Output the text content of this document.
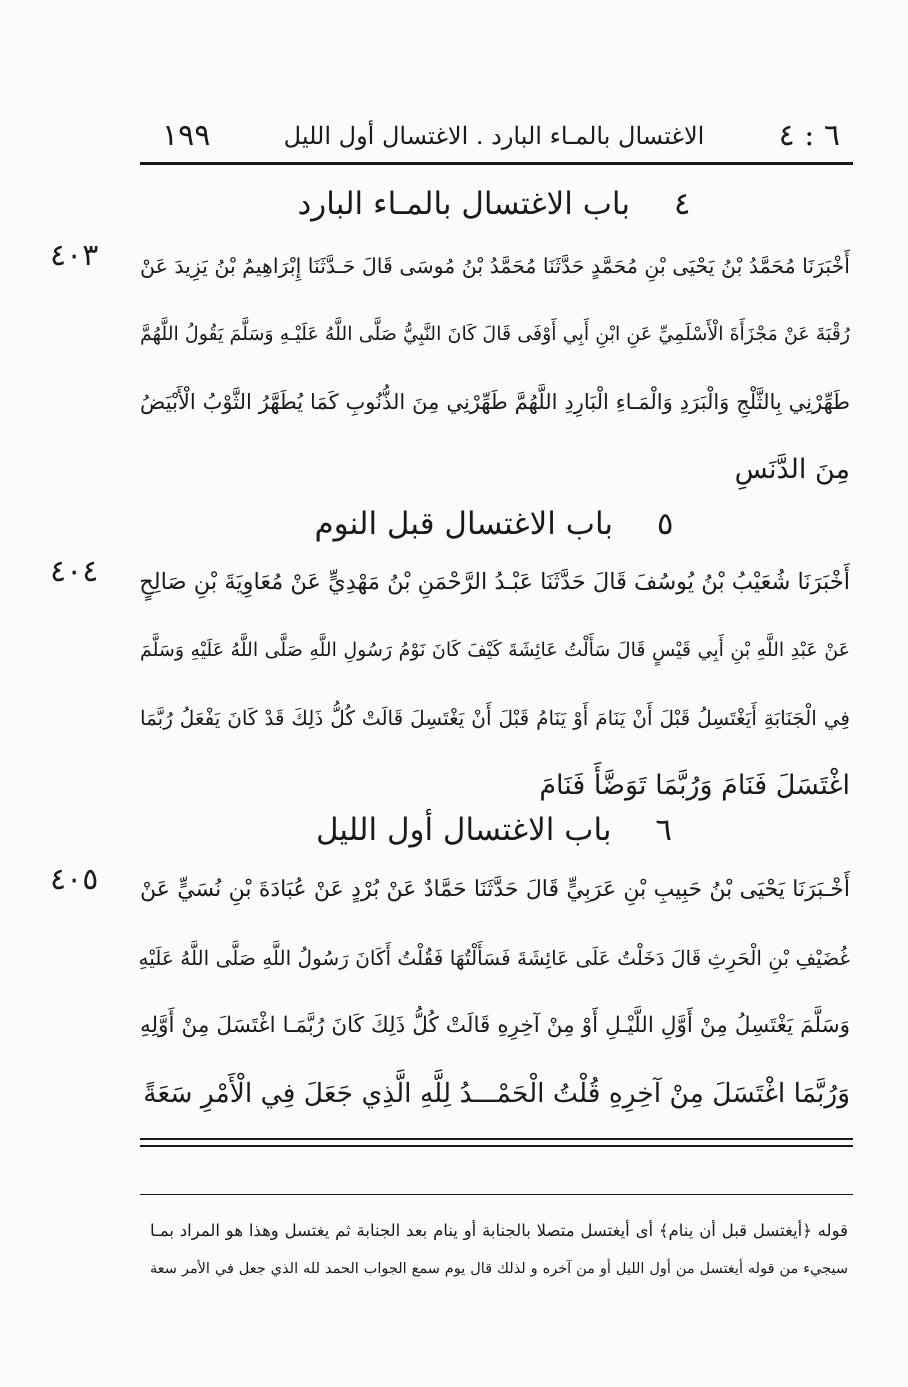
٦ : ٤
الاغتسال بالمـاء البارد . الاغتسال أول الليل
١٩٩
٤ باب الاغتسال بالمـاء البارد
٤٠٣ أَخْبَرَنَا مُحَمَّدُ بْنُ يَحْيَى بْنِ مُحَمَّدٍ حَدَّثَنَا مُحَمَّدُ بْنُ مُوسَى قَالَ حَـدَّثَنَا إِبْرَاهِيمُ بْنُ يَزِيدَ عَنْ
رُقْبَةَ عَنْ مَجْزَأَةَ الْأَسْلَمِيِّ عَنِ ابْنِ أَبِي أَوْفَى قَالَ كَانَ النَّبِيُّ صَلَّى اللَّهُ عَلَيْـهِ وَسَلَّمَ يَقُولُ اللَّهُمَّ
طَهِّرْنِي بِالثَّلْجِ وَالْبَرَدِ وَالْمَـاءِ الْبَارِدِ اللَّهُمَّ طَهِّرْنِي مِنَ الذُّنُوبِ كَمَا يُطَهَّرُ الثَّوْبُ الْأَبْيَضُ
مِنَ الدَّنَسِ
٥ باب الاغتسال قبل النوم
٤٠٤ أَخْبَرَنَا شُعَيْبُ بْنُ يُوسُفَ قَالَ حَدَّثَنَا عَبْـدُ الرَّحْمَنِ بْنُ مَهْدِيٍّ عَنْ مُعَاوِيَةَ بْنِ صَالِحٍ
عَنْ عَبْدِ اللَّهِ بْنِ أَبِي قَيْسٍ قَالَ سَأَلْتُ عَائِشَةَ كَيْفَ كَانَ نَوْمُ رَسُولِ اللَّهِ صَلَّى اللَّهُ عَلَيْهِ وَسَلَّمَ
فِي الْجَنَابَةِ أَيَغْتَسِلُ قَبْلَ أَنْ يَنَامَ أَوْ يَنَامُ قَبْلَ أَنْ يَغْتَسِلَ قَالَتْ كُلُّ ذَلِكَ قَدْ كَانَ يَفْعَلُ رُبَّمَا
اغْتَسَلَ فَنَامَ وَرُبَّمَا تَوَضَّأَ فَنَامَ
٦ باب الاغتسال أول الليل
٤٠٥ أَخْـبَرَنَا يَحْيَى بْنُ حَبِيبِ بْنِ عَرَبِيٍّ قَالَ حَدَّثَنَا حَمَّادٌ عَنْ بُرْدٍ عَنْ عُبَادَةَ بْنِ نُسَيٍّ عَنْ
غُضَيْفِ بْنِ الْحَرِثِ قَالَ دَخَلْتُ عَلَى عَائِشَةَ فَسَأَلْتُهَا فَقُلْتُ أَكَانَ رَسُولُ اللَّهِ صَلَّى اللَّهُ عَلَيْهِ
وَسَلَّمَ يَغْتَسِلُ مِنْ أَوَّلِ اللَّيْـلِ أَوْ مِنْ آخِرِهِ قَالَتْ كُلُّ ذَلِكَ كَانَ رُبَّمَـا اغْتَسَلَ مِنْ أَوَّلِهِ
وَرُبَّمَا اغْتَسَلَ مِنْ آخِرِهِ قُلْتُ الْحَمْـــدُ لِلَّهِ الَّذِي جَعَلَ فِي الْأَمْرِ سَعَةً
قوله ﴿أيغتسل قبل أن ينام﴾ أى أيغتسل متصلا بالجنابة أو ينام بعد الجنابة ثم يغتسل وهذا هو المراد بمـا
سيجيء من قوله أيغتسل من أول الليل أو من آخره و لذلك قال يوم سمع الجواب الحمد لله الذي جعل في الأمر سعة
